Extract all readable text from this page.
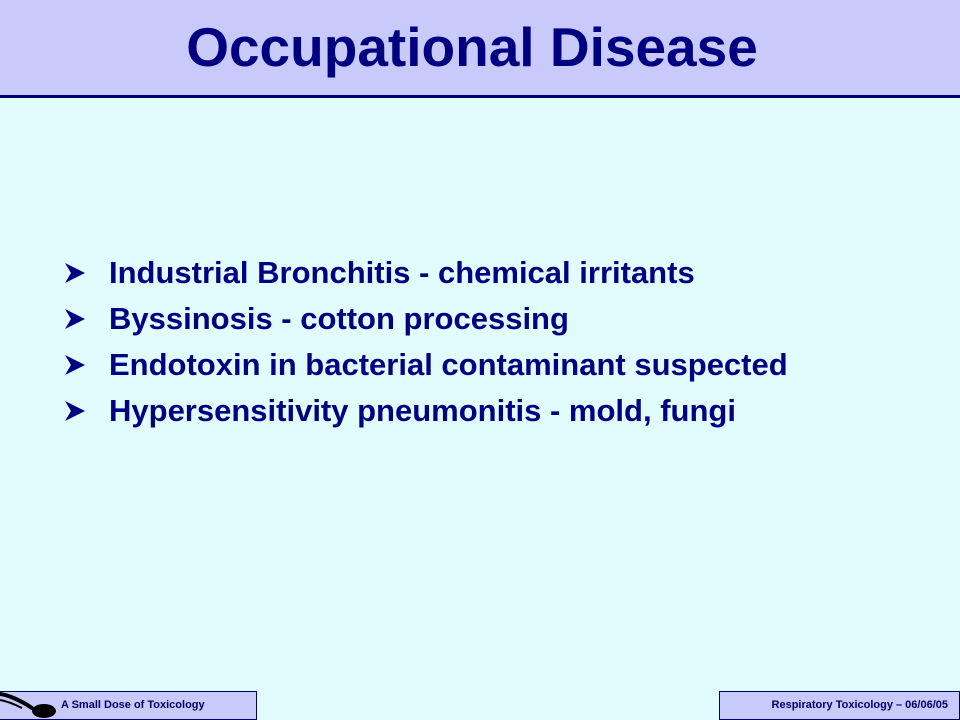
Occupational Disease
Industrial Bronchitis - chemical irritants
Byssinosis - cotton processing
Endotoxin in bacterial contaminant suspected
Hypersensitivity pneumonitis - mold, fungi
A Small Dose of Toxicology	Respiratory Toxicology – 06/06/05
